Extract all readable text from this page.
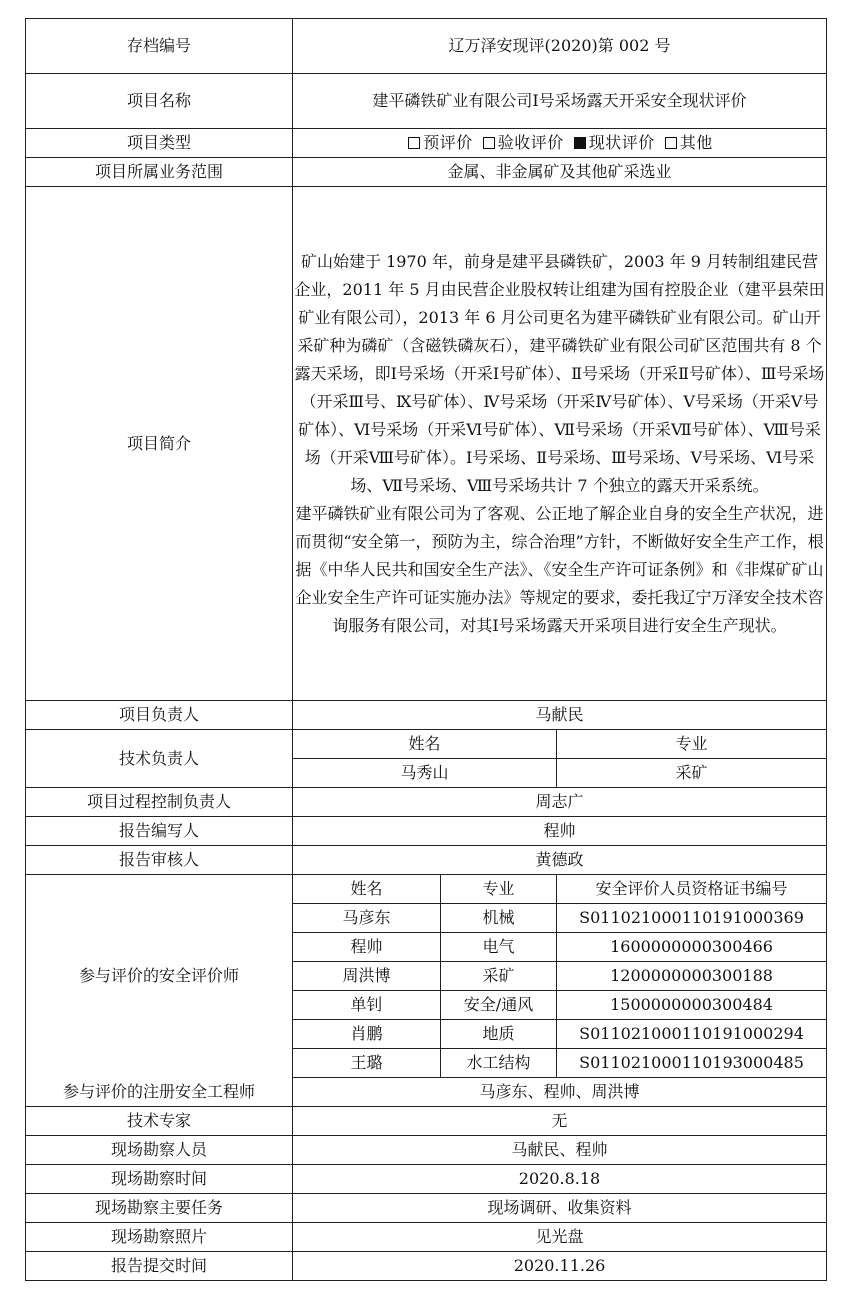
存档编号	辽万泽安现评(2020)第 002 号		
项目名称	建平磷铁矿业有限公司Ⅰ号采场露天开采安全现状评价		
项目类型	预评价 验收评价 现状评价 其他		
项目所属业务范围	金属、非金属矿及其他矿采选业		
项目简介	矿山始建于 1970 年，前身是建平县磷铁矿，2003 年 9 月转制组建民营企业，2011 年 5 月由民营企业股权转让组建为国有控股企业（建平县荣田矿业有限公司），2013 年 6 月公司更名为建平磷铁矿业有限公司。矿山开采矿种为磷矿（含磁铁磷灰石），建平磷铁矿业有限公司矿区范围共有 8 个露天采场，即Ⅰ号采场（开采Ⅰ号矿体）、Ⅱ号采场（开采Ⅱ号矿体）、Ⅲ号采场（开采Ⅲ号、Ⅸ号矿体）、Ⅳ号采场（开采Ⅳ号矿体）、Ⅴ号采场（开采Ⅴ号矿体）、Ⅵ号采场（开采Ⅵ号矿体）、Ⅶ号采场（开采Ⅶ号矿体）、Ⅷ号采场（开采Ⅷ号矿体）。Ⅰ号采场、Ⅱ号采场、Ⅲ号采场、Ⅴ号采场、Ⅵ号采场、Ⅶ号采场、Ⅷ号采场共计 7 个独立的露天开采系统。

建平磷铁矿业有限公司为了客观、公正地了解企业自身的安全生产状况，进而贯彻“安全第一，预防为主，综合治理”方针，不断做好安全生产工作，根据《中华人民共和国安全生产法》、《安全生产许可证条例》和《非煤矿矿山企业安全生产许可证实施办法》等规定的要求，委托我辽宁万泽安全技术咨询服务有限公司，对其Ⅰ号采场露天开采项目进行安全生产现状。		

项目负责人	马献民		
技术负责人	姓名		专业
	马秀山		采矿
项目过程控制负责人	周志广		
报告编写人	程帅		
报告审核人	黄德政		
参与评价的安全评价师	姓名	专业	安全评价人员资格证书编号
	马彦东	机械	S011021000110191000369
	程帅	电气	1600000000300466
	周洪博	采矿	1200000000300188
	单钊	安全/通风	1500000000300484
	肖鹏	地质	S011021000110191000294
	王璐	水工结构	S011021000110193000485
参与评价的注册安全工程师	马彦东、程帅、周洪博		
技术专家	无		
现场勘察人员	马献民、程帅		
现场勘察时间	2020.8.18		
现场勘察主要任务	现场调研、收集资料		
现场勘察照片	见光盘		
报告提交时间	2020.11.26		
